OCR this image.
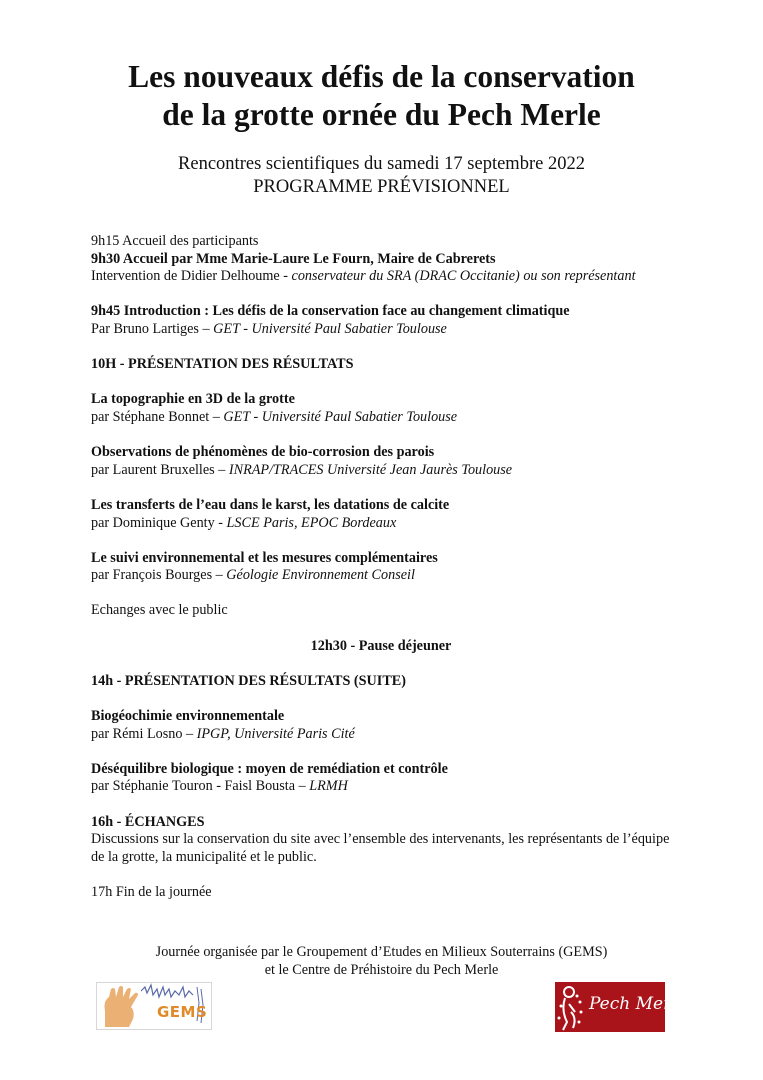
Les nouveaux défis de la conservation
de la grotte ornée du Pech Merle
Rencontres scientifiques du samedi 17 septembre 2022
PROGRAMME PRÉVISIONNEL

9h15 Accueil des participants

9h30 Accueil par Mme Marie-Laure Le Fourn, Maire de Cabrerets

Intervention de Didier Delhoume - conservateur du SRA (DRAC Occitanie) ou son représentant

9h45 Introduction : Les défis de la conservation face au changement climatique

Par Bruno Lartiges – GET - Université Paul Sabatier Toulouse

10H - PRÉSENTATION DES RÉSULTATS

La topographie en 3D de la grotte

par Stéphane Bonnet – GET - Université Paul Sabatier Toulouse

Observations de phénomènes de bio-corrosion des parois

par Laurent Bruxelles – INRAP/TRACES Université Jean Jaurès Toulouse

Les transferts de l’eau dans le karst, les datations de calcite

par Dominique Genty - LSCE Paris, EPOC Bordeaux

Le suivi environnemental et les mesures complémentaires

par François Bourges – Géologie Environnement Conseil

Echanges avec le public

12h30 - Pause déjeuner

14h - PRÉSENTATION DES RÉSULTATS (SUITE)

Biogéochimie environnementale

par Rémi Losno – IPGP, Université Paris Cité

Déséquilibre biologique : moyen de remédiation et contrôle

par Stéphanie Touron - Faisl Bousta – LRMH

16h - ÉCHANGES

Discussions sur la conservation du site avec l’ensemble des intervenants, les représentants de l’équipe de la grotte, la municipalité et le public.

17h Fin de la journée

Journée organisée par le Groupement d’Etudes en Milieux Souterrains (GEMS)
et le Centre de Préhistoire du Pech Merle
GEMS	Pech Merle
